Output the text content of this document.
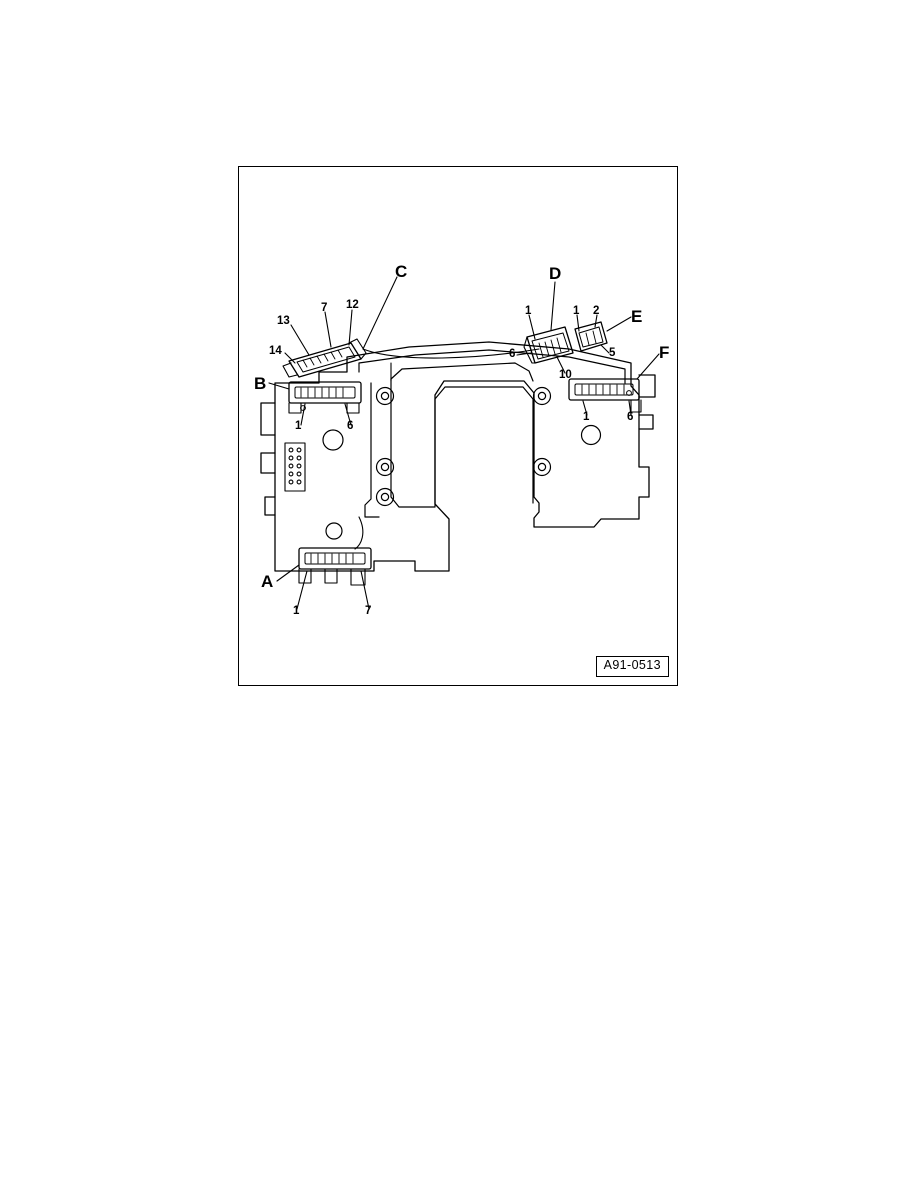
C	D
E
F
B
A
13
7 12
14
1	1 2
5
6
10
1	6
1	6
1	7
A91-0513
